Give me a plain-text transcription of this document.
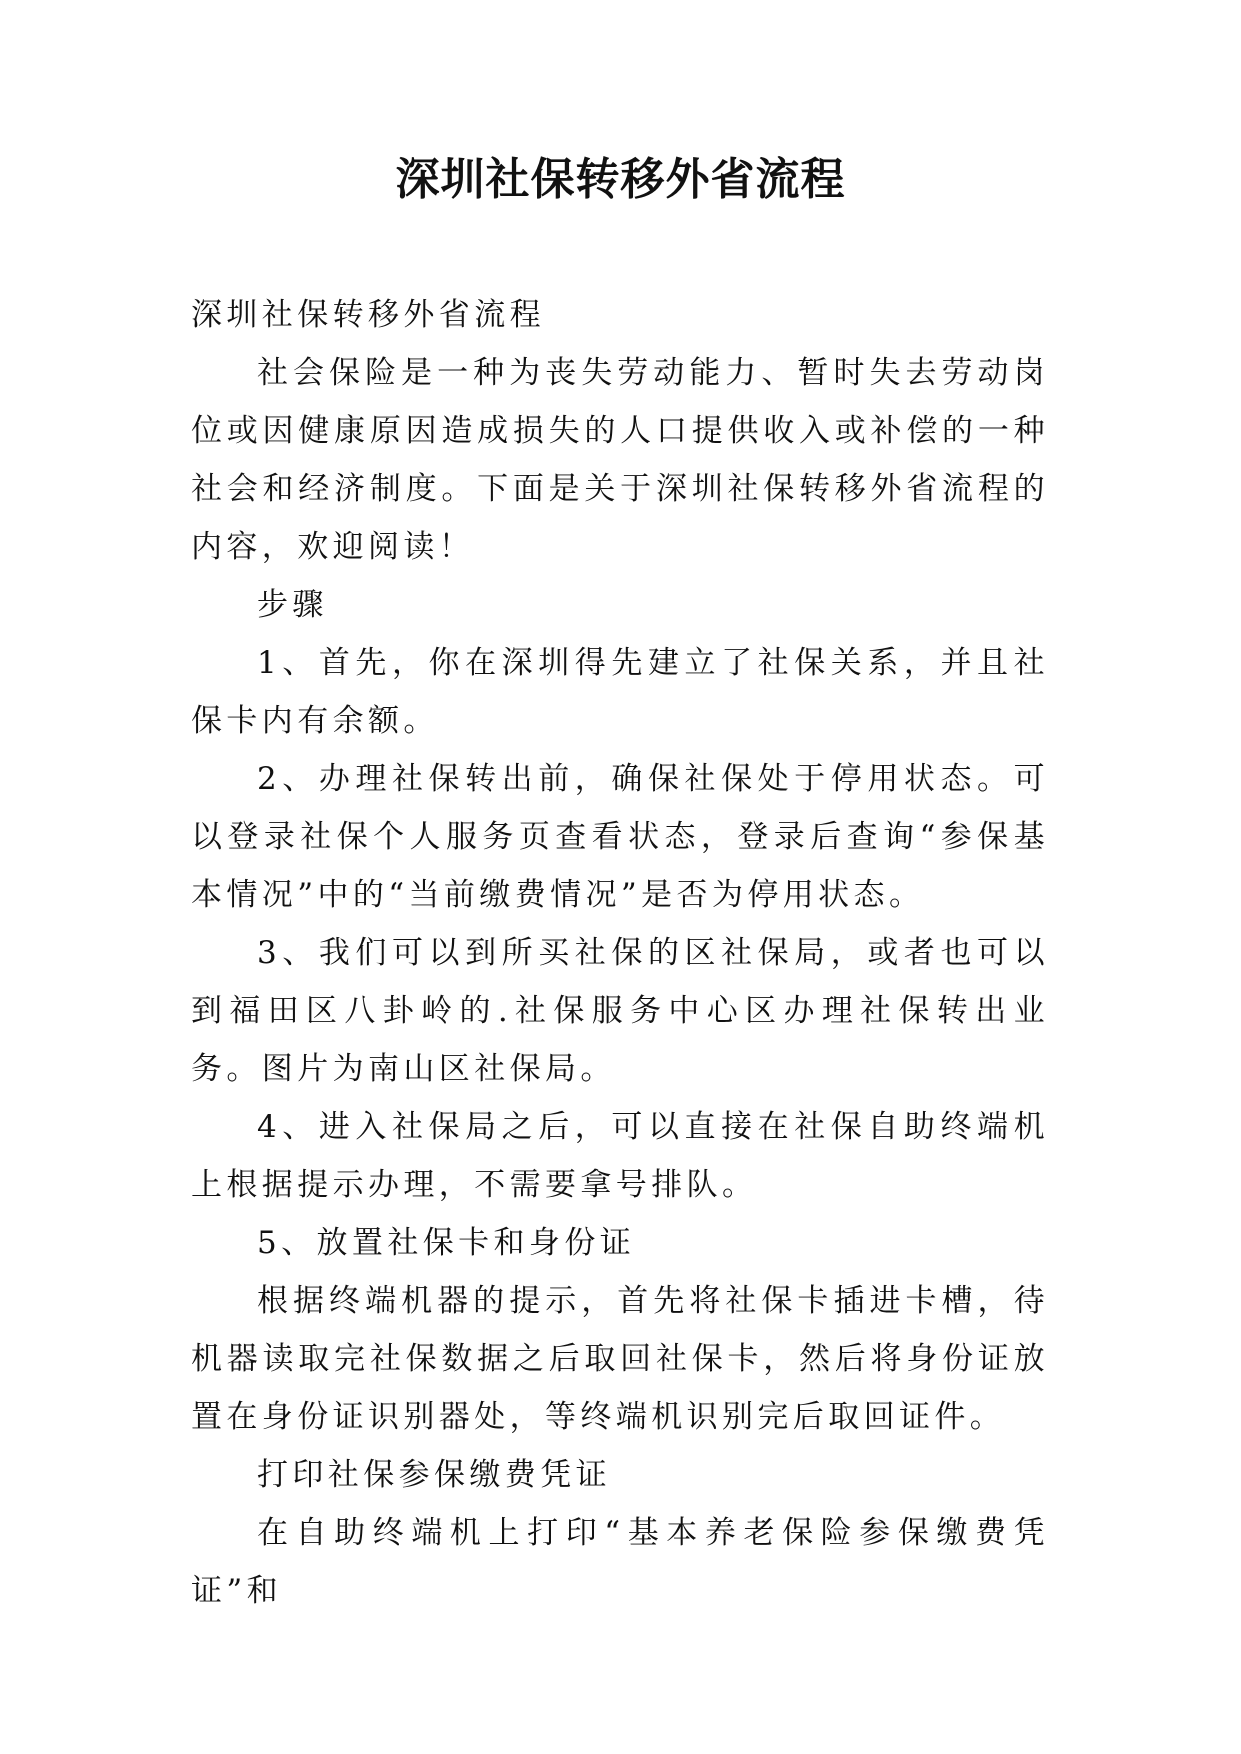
深圳社保转移外省流程

深圳社保转移外省流程

社会保险是一种为丧失劳动能力、暂时失去劳动岗位或因健康原因造成损失的人口提供收入或补偿的一种社会和经济制度。下面是关于深圳社保转移外省流程的内容，欢迎阅读！

步骤

1、首先，你在深圳得先建立了社保关系，并且社保卡内有余额。

2、办理社保转出前，确保社保处于停用状态。可以登录社保个人服务页查看状态，登录后查询“参保基本情况”中的“当前缴费情况”是否为停用状态。

3、我们可以到所买社保的区社保局，或者也可以到福田区八卦岭的.社保服务中心区办理社保转出业务。图片为南山区社保局。

4、进入社保局之后，可以直接在社保自助终端机上根据提示办理，不需要拿号排队。

5、放置社保卡和身份证

根据终端机器的提示，首先将社保卡插进卡槽，待机器读取完社保数据之后取回社保卡，然后将身份证放置在身份证识别器处，等终端机识别完后取回证件。

打印社保参保缴费凭证

在自助终端机上打印“基本养老保险参保缴费凭证”和
